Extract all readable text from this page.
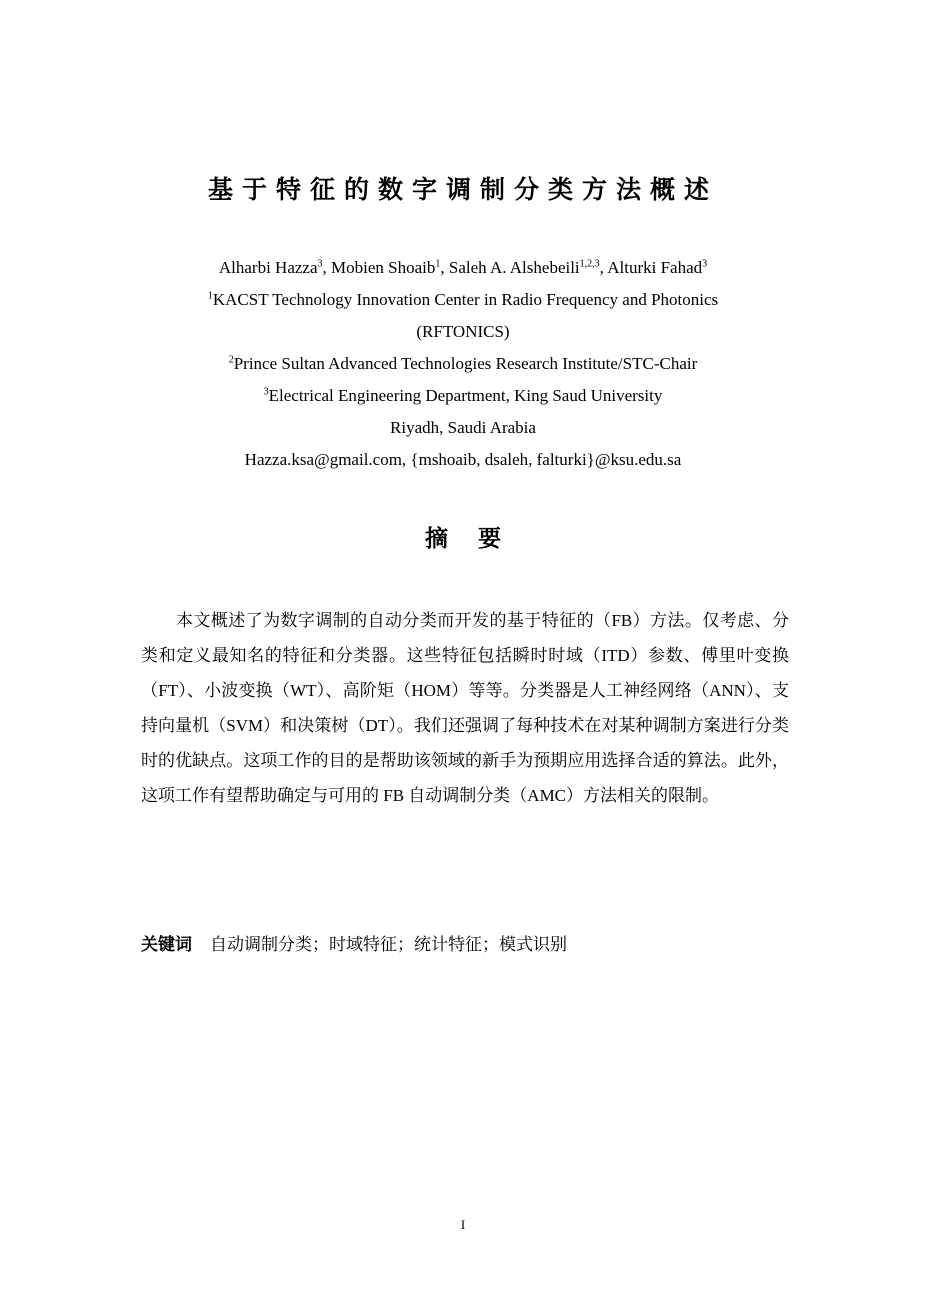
基于特征的数字调制分类方法概述
Alharbi Hazza$^3$, Mobien Shoaib$^1$, Saleh A. Alshebeili$^{1,2,3}$, Alturki Fahad$^3$
$^1$KACST Technology Innovation Center in Radio Frequency and Photonics
(RFTONICS)
$^2$Prince Sultan Advanced Technologies Research Institute/STC-Chair
$^3$Electrical Engineering Department, King Saud University
Riyadh, Saudi Arabia
Hazza.ksa@gmail.com, {mshoaib, dsaleh, falturki}@ksu.edu.sa
摘 要

本文概述了为数字调制的自动分类而开发的基于特征的（FB）方法。仅考虑、分类和定义最知名的特征和分类器。这些特征包括瞬时时域（ITD）参数、傅里叶变换（FT）、小波变换（WT）、高阶矩（HOM）等等。分类器是人工神经网络（ANN）、支持向量机（SVM）和决策树（DT）。我们还强调了每种技术在对某种调制方案进行分类时的优缺点。这项工作的目的是帮助该领域的新手为预期应用选择合适的算法。此外，这项工作有望帮助确定与可用的 FB 自动调制分类（AMC）方法相关的限制。

关键词 自动调制分类；时域特征；统计特征；模式识别
I
